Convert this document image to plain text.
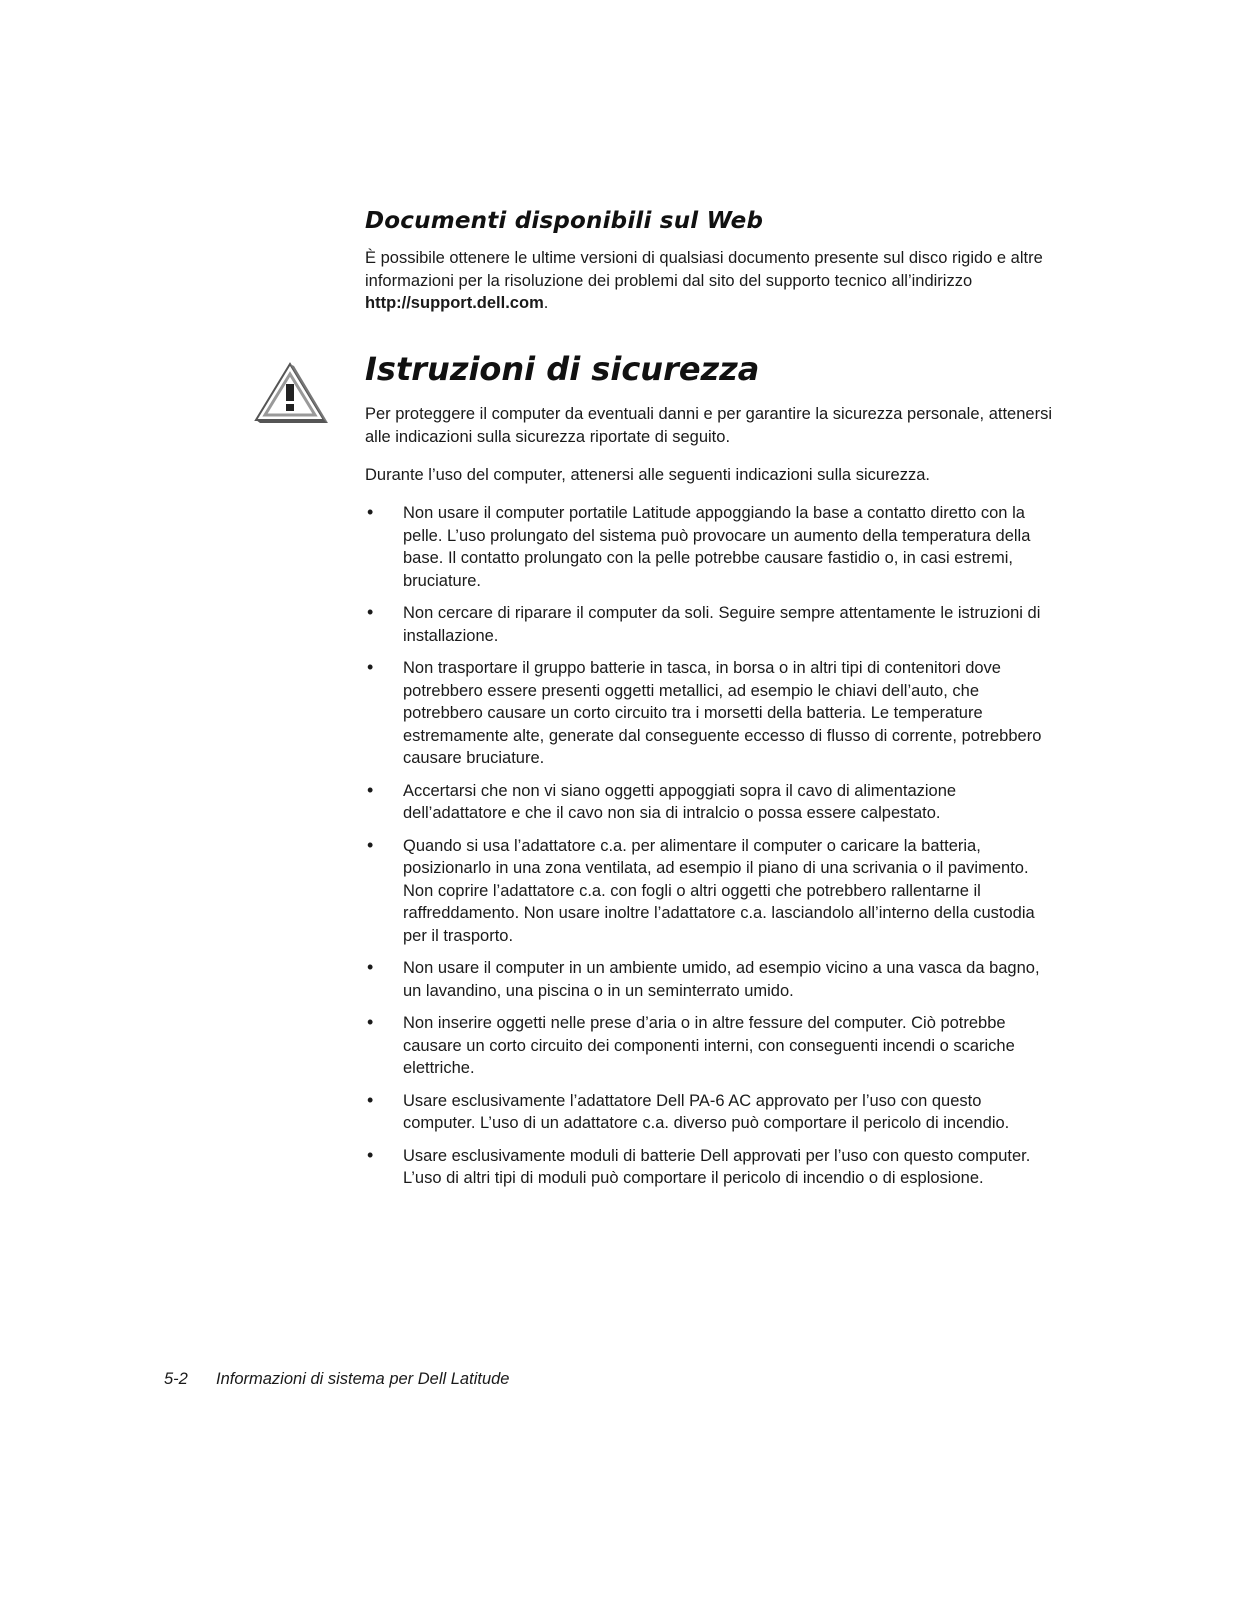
Documenti disponibili sul Web

È possibile ottenere le ultime versioni di qualsiasi documento presente sul disco rigido e altre informazioni per la risoluzione dei problemi dal sito del supporto tecnico all’indirizzo http://support.dell.com.

Istruzioni di sicurezza

Per proteggere il computer da eventuali danni e per garantire la sicurezza personale, attenersi alle indicazioni sulla sicurezza riportate di seguito.

Durante l’uso del computer, attenersi alle seguenti indicazioni sulla sicurezza.

• Non usare il computer portatile Latitude appoggiando la base a contatto diretto con la pelle. L’uso prolungato del sistema può provocare un aumento della temperatura della base. Il contatto prolungato con la pelle potrebbe causare fastidio o, in casi estremi, bruciature.
• Non cercare di riparare il computer da soli. Seguire sempre attentamente le istruzioni di installazione.
• Non trasportare il gruppo batterie in tasca, in borsa o in altri tipi di contenitori dove potrebbero essere presenti oggetti metallici, ad esempio le chiavi dell’auto, che potrebbero causare un corto circuito tra i morsetti della batteria. Le temperature estremamente alte, generate dal conseguente eccesso di flusso di corrente, potrebbero causare bruciature.
• Accertarsi che non vi siano oggetti appoggiati sopra il cavo di alimentazione dell’adattatore e che il cavo non sia di intralcio o possa essere calpestato.
• Quando si usa l’adattatore c.a. per alimentare il computer o caricare la batteria, posizionarlo in una zona ventilata, ad esempio il piano di una scrivania o il pavimento. Non coprire l’adattatore c.a. con fogli o altri oggetti che potrebbero rallentarne il raffreddamento. Non usare inoltre l’adattatore c.a. lasciandolo all’interno della custodia per il trasporto.
• Non usare il computer in un ambiente umido, ad esempio vicino a una vasca da bagno, un lavandino, una piscina o in un seminterrato umido.
• Non inserire oggetti nelle prese d’aria o in altre fessure del computer. Ciò potrebbe causare un corto circuito dei componenti interni, con conseguenti incendi o scariche elettriche.
• Usare esclusivamente l’adattatore Dell PA-6 AC approvato per l’uso con questo computer. L’uso di un adattatore c.a. diverso può comportare il pericolo di incendio.
• Usare esclusivamente moduli di batterie Dell approvati per l’uso con questo computer. L’uso di altri tipi di moduli può comportare il pericolo di incendio o di esplosione.
5-2 Informazioni di sistema per Dell Latitude
